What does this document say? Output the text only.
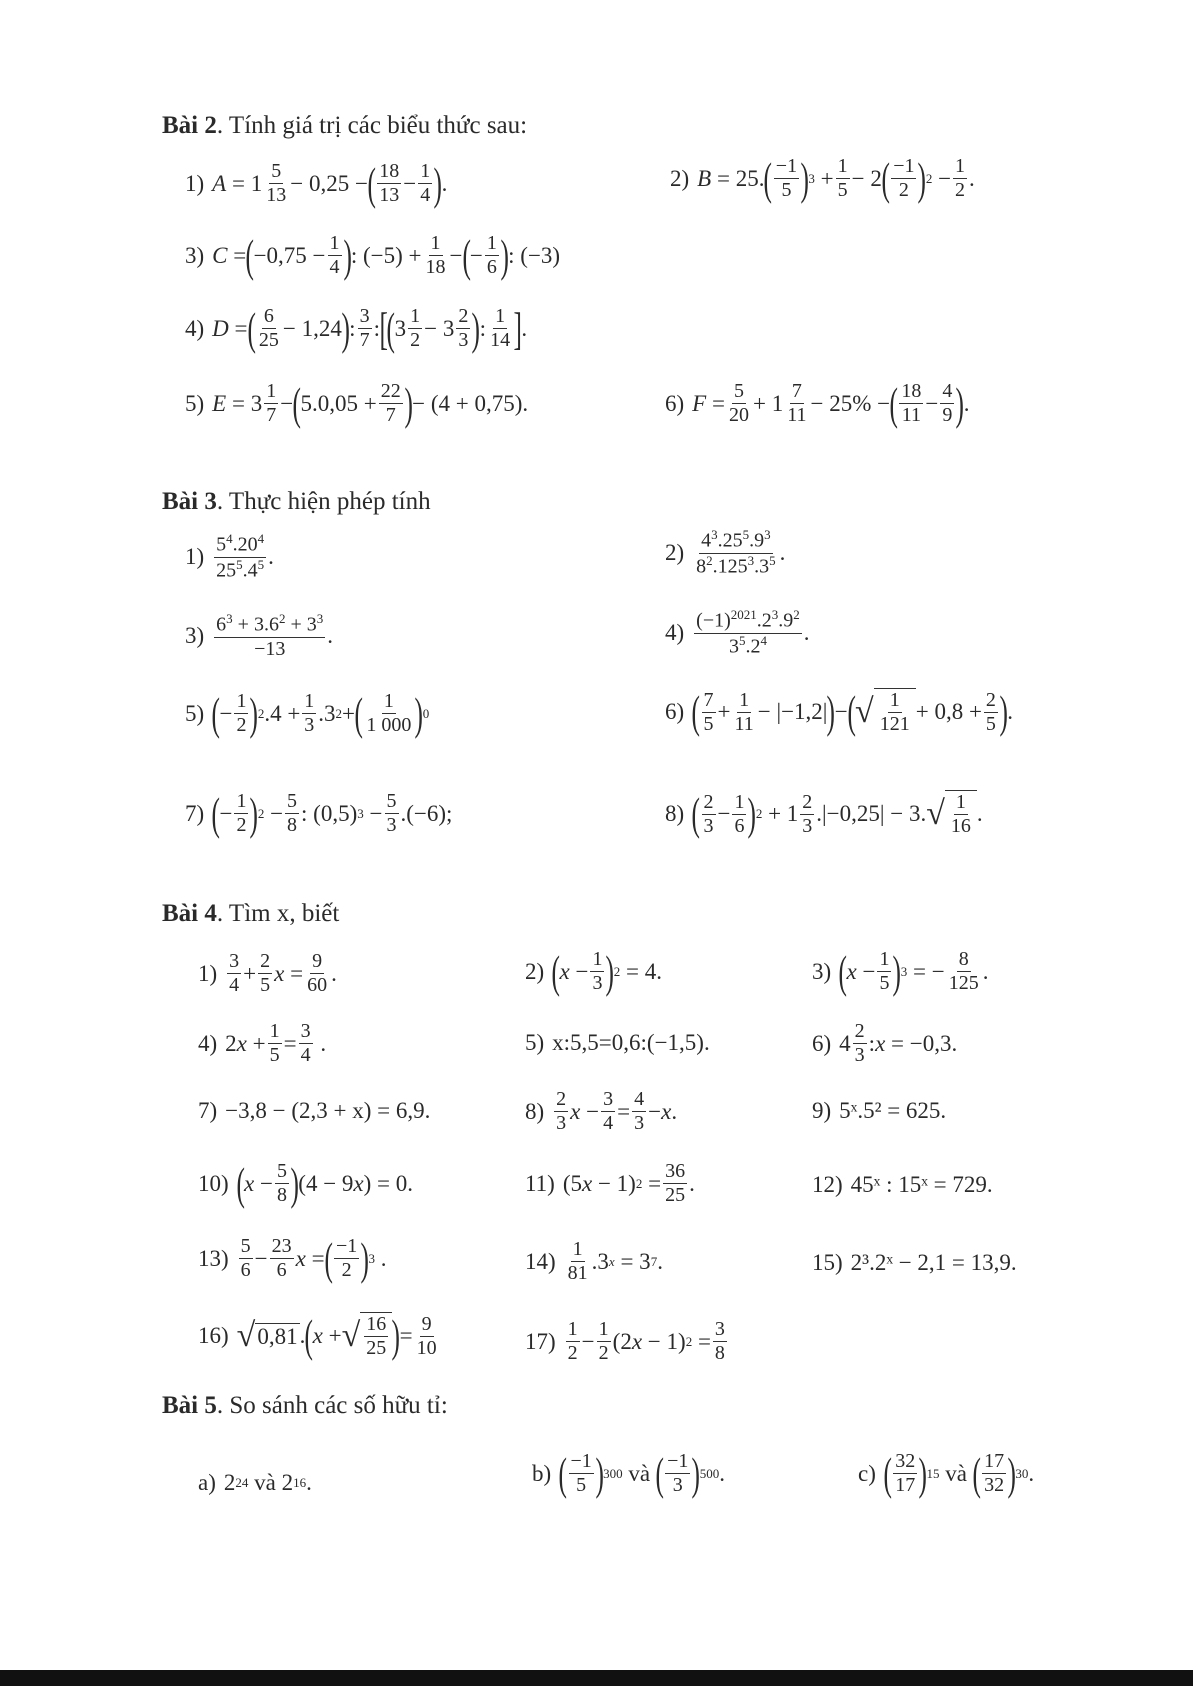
Bài 2. Tính giá trị các biểu thức sau:
1) A = 1 5
13 − 0,25 − ( 18
13 − 1
4 ) .	2) B = 25. ( −1
5 ) 3 + 1
5 − 2 ( −1
2 ) 2 − 1
2 .
3) C = ( −0,75 − 1
4 ) : (−5) + 1
18 − ( − 1
6 ) : (−3)
4) D = ( 6
25 − 1,24 ) : 3
7 : [
( 3 1
2 − 3 2
3 ) : 1
14 ] .
5) E = 3 1
7 − ( 5.0,05 + 22
7 ) − (4 + 0,75).	6) F = 5
20 + 1 7
11 − 25% − ( 18
11 − 4
9 ) .
Bài 3. Thực hiện phép tính
1) $5^4.20^4$
$25^5.4^5$ .	2) $4^3.25^5.9^3$
$8^2.125^3.3^5$ .
3) $6^3 + 3.6^2 + 3^3$
−13
.	4) $(-1)^{2021}.2^3.9^2$
$3^5.2^4$ .
5) ( − 1
2 ) 2 .4 + 1
3 .3 2 + ( 1
1 000 ) 0	6) ( 7
5 + 1
11 − |−1,2| ) − ( √ $\frac{1}{121} + 0,8 + 2$
5 ) .
7) ( − 1
2 ) 2 − 5
8 : (0,5) 3 − 5
3 .(−6);	8) ( 2
3 − 1
6 ) 2 + 1 2
3 .|−0,25| − 3. √ $\frac{1}{16}$ .
Bài 4. Tìm x, biết
1) 3
4 + 2
5 x = 9
60 .	2) ( x − 1
3 ) 2 = 4.	3) ( x − 1
5 ) 3 = − 8
125 .
4) 2 x + 1
5 = 3
4 .	5) x:5,5=0,6:(−1,5).	6) 4 2
3 : x = −0,3.
7) −3,8 − (2,3 + x) = 6,9.	8) 2
3 x − 3
4 = 4
3 − x .	9) 5ˣ.5² = 625.
10) ( x − 5
8 ) (4 − 9 x ) = 0.	11) (5 x − 1) 2 = 36
25 .	12) 45ˣ : 15ˣ = 729.
13) 5
6 − 23
6 x = ( −1
2 ) 3 .	14) 1
81 .3 x = 3 7 .	15) 2³.2ˣ − 2,1 = 13,9.
16) √ 0,81 . ( x + √ $\frac{16}{25}$ ) = 9
10	17) 1
2 − 1
2 (2 x − 1) 2 = 3
8
Bài 5. So sánh các số hữu tỉ:
a) 2 24 và 2 16 .	b) ( −1
5 ) 300 và ( −1
3 ) 500 .	c) ( 32
17 ) 15 và ( 17
32 ) 30 .
